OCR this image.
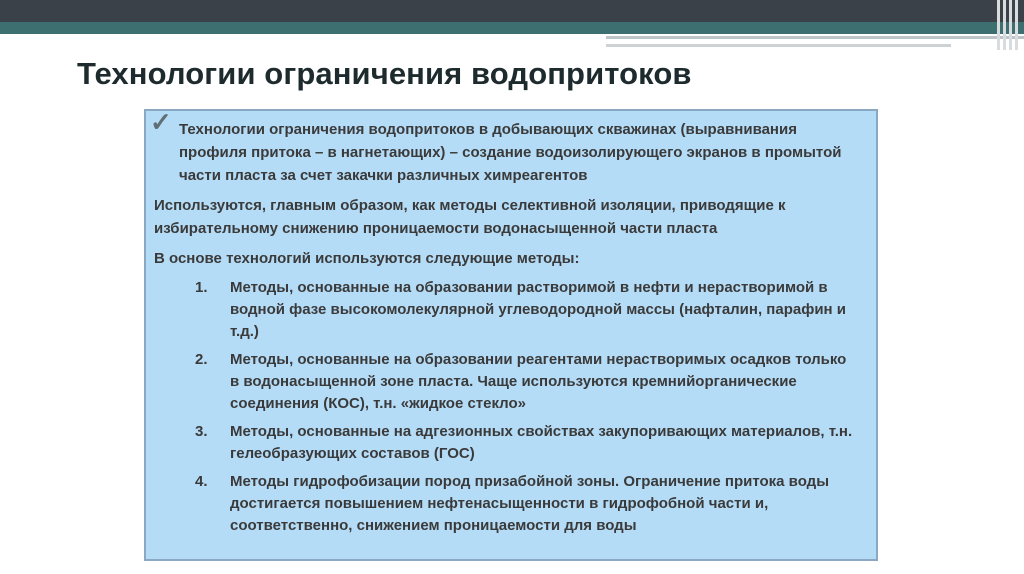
Технологии ограничения водопритоков
✓ Технологии ограничения водопритоков в добывающих скважинах (выравнивания профиля притока – в нагнетающих) – создание водоизолирующего экранов в промытой части пласта за счет закачки различных химреагентов

Используются, главным образом, как методы селективной изоляции, приводящие к избирательному снижению проницаемости водонасыщенной части пласта

В основе технологий используются следующие методы:

1. Методы, основанные на образовании растворимой в нефти и нерастворимой в водной фазе высокомолекулярной углеводородной массы (нафталин, парафин и т.д.)
2. Методы, основанные на образовании реагентами нерастворимых осадков только в водонасыщенной зоне пласта. Чаще используются кремнийорганические соединения (КОС), т.н. «жидкое стекло»
3. Методы, основанные на адгезионных свойствах закупоривающих материалов, т.н. гелеобразующих составов (ГОС)
4. Методы гидрофобизации пород призабойной зоны. Ограничение притока воды достигается повышением нефтенасыщенности в гидрофобной части и, соответственно, снижением проницаемости для воды
